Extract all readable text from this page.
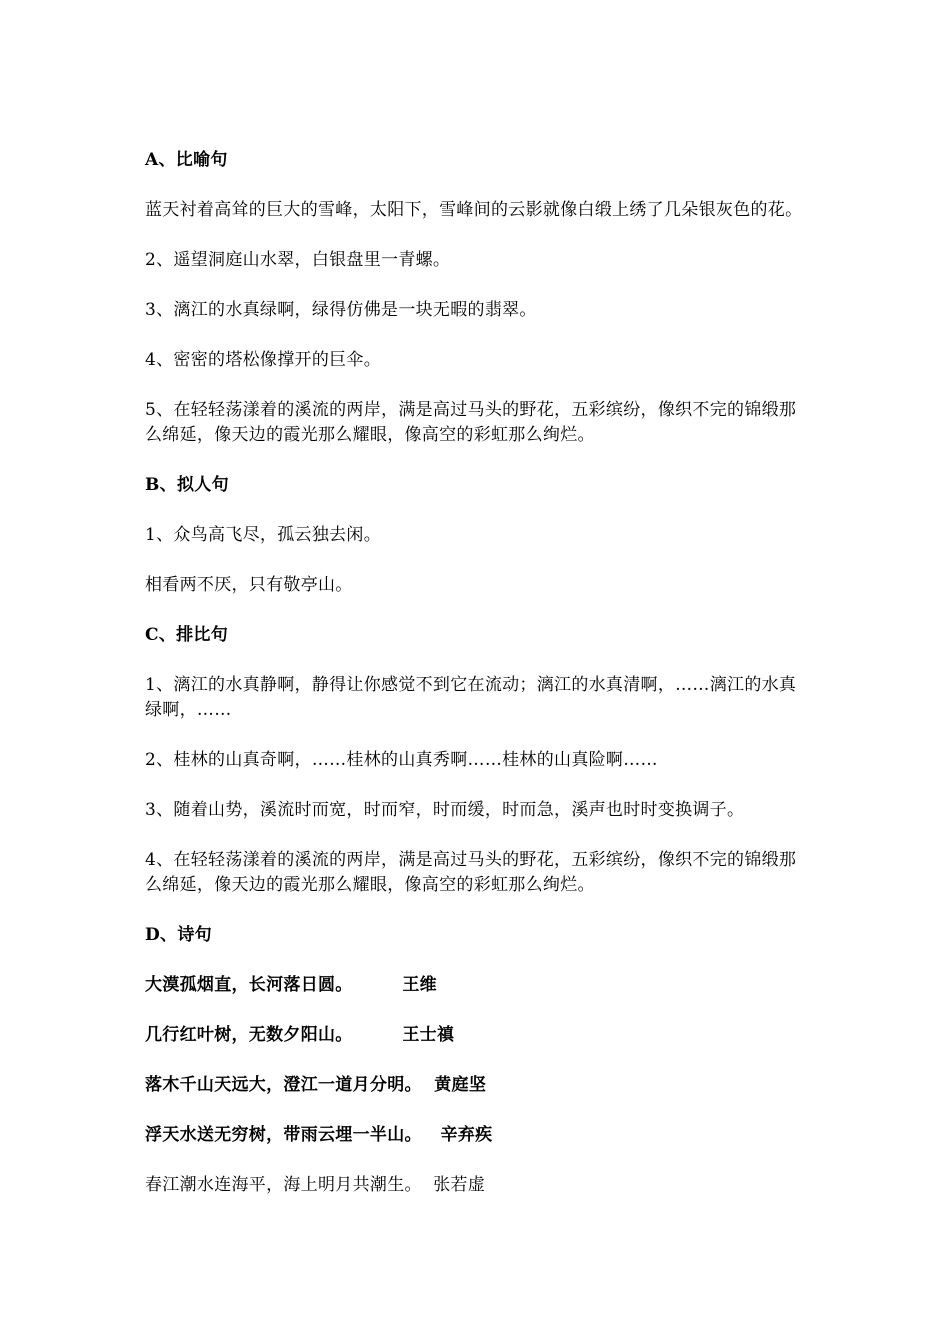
A、比喻句

蓝天衬着高耸的巨大的雪峰，太阳下，雪峰间的云影就像白缎上绣了几朵银灰色的花。

2、遥望洞庭山水翠，白银盘里一青螺。

3、漓江的水真绿啊，绿得仿佛是一块无暇的翡翠。

4、密密的塔松像撑开的巨伞。

5、在轻轻荡漾着的溪流的两岸，满是高过马头的野花，五彩缤纷，像织不完的锦缎那么绵延，像天边的霞光那么耀眼，像高空的彩虹那么绚烂。

B、拟人句

1、众鸟高飞尽，孤云独去闲。

相看两不厌，只有敬亭山。

C、排比句

1、漓江的水真静啊，静得让你感觉不到它在流动；漓江的水真清啊，……漓江的水真绿啊，……

2、桂林的山真奇啊，……桂林的山真秀啊……桂林的山真险啊……

3、随着山势，溪流时而宽，时而窄，时而缓，时而急，溪声也时时变换调子。

4、在轻轻荡漾着的溪流的两岸，满是高过马头的野花，五彩缤纷，像织不完的锦缎那么绵延，像天边的霞光那么耀眼，像高空的彩虹那么绚烂。

D、诗句

大漠孤烟直，长河落日圆。	王维

几行红叶树，无数夕阳山。	王士禛

落木千山天远大，澄江一道月分明。 黄庭坚

浮天水送无穷树，带雨云埋一半山。 辛弃疾

春江潮水连海平，海上明月共潮生。 张若虚
